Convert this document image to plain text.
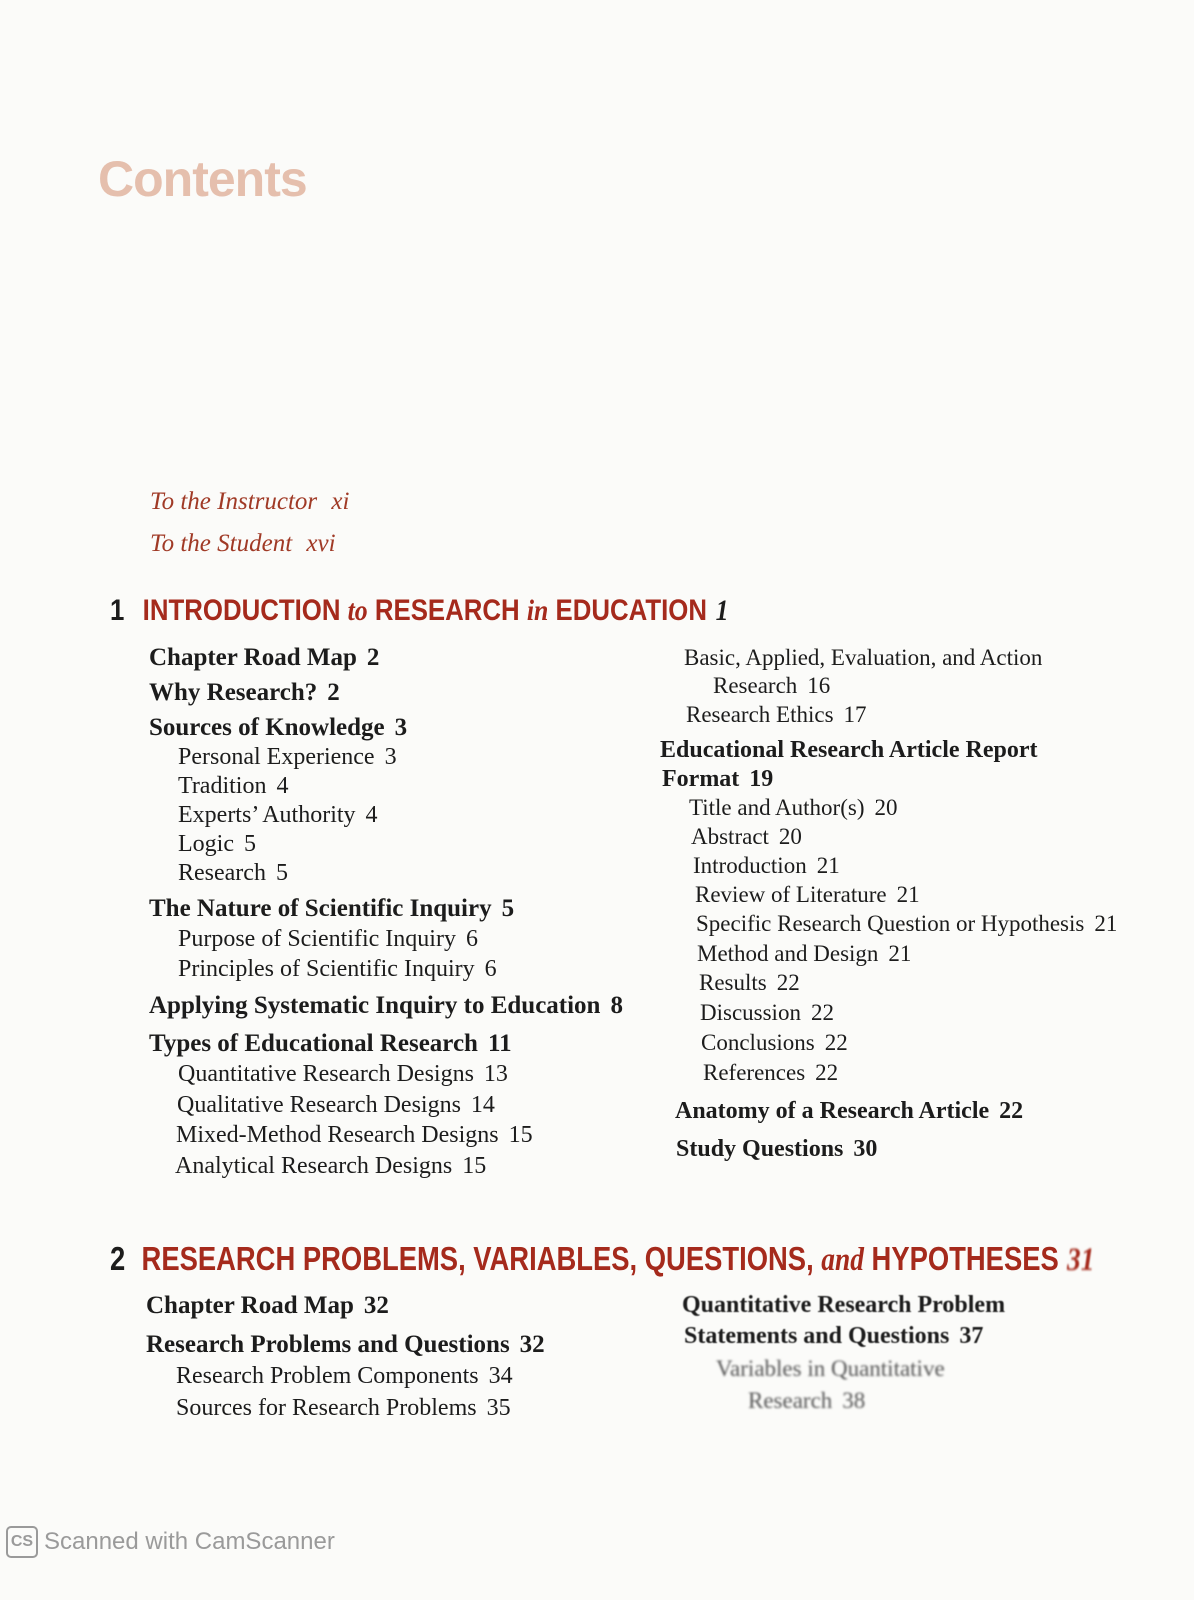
Contents
To the Instructor xi
To the Student xvi
1 INTRODUCTION to RESEARCH in EDUCATION 1
Chapter Road Map 2
Why Research? 2
Sources of Knowledge 3
Personal Experience 3
Tradition 4
Experts’ Authority 4
Logic 5
Research 5
The Nature of Scientific Inquiry 5
Purpose of Scientific Inquiry 6
Principles of Scientific Inquiry 6
Applying Systematic Inquiry to Education 8
Types of Educational Research 11
Quantitative Research Designs 13
Qualitative Research Designs 14
Mixed-Method Research Designs 15
Analytical Research Designs 15
Basic, Applied, Evaluation, and Action
Research 16
Research Ethics 17
Educational Research Article Report
Format 19
Title and Author(s) 20
Abstract 20
Introduction 21
Review of Literature 21
Specific Research Question or Hypothesis 21
Method and Design 21
Results 22
Discussion 22
Conclusions 22
References 22
Anatomy of a Research Article 22
Study Questions 30
2 RESEARCH PROBLEMS, VARIABLES, QUESTIONS, and HYPOTHESES 31
Chapter Road Map 32
Research Problems and Questions 32
Research Problem Components 34
Sources for Research Problems 35
Quantitative Research Problem
Statements and Questions 37
Variables in Quantitative
Research 38
CS Scanned with CamScanner
